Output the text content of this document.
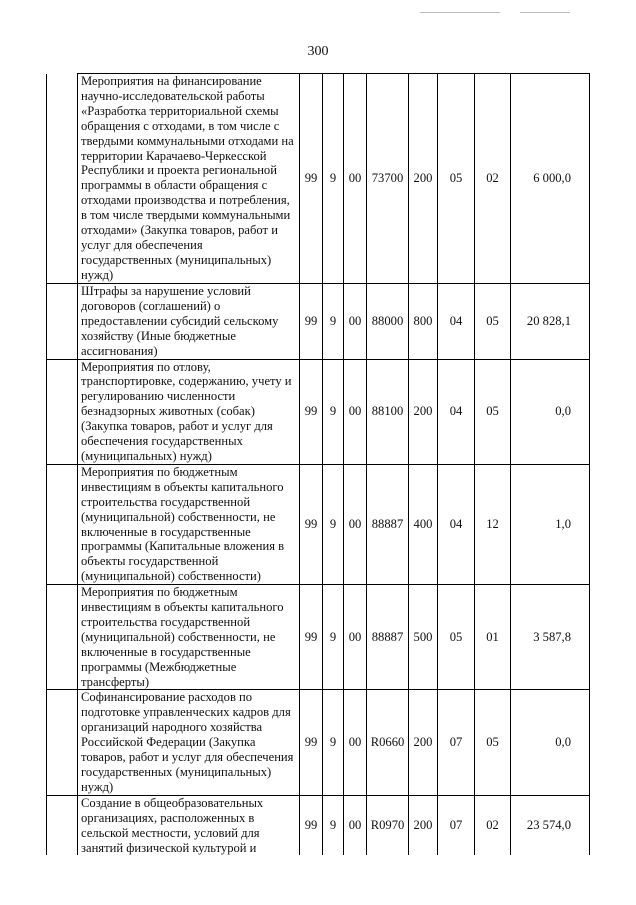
300
	Мероприятия на финансирование научно-исследовательской работы «Разработка территориальной схемы обращения с отходами, в том числе с твердыми коммунальными отходами на территории Карачаево-Черкесской Республики и проекта региональной программы в области обращения с отходами производства и потребления, в том числе твердыми коммунальными отходами» (Закупка товаров, работ и услуг для обеспечения государственных (муниципальных) нужд)	99	9	00	73700	200	05	02	6 000,0
	Штрафы за нарушение условий договоров (соглашений) о предоставлении субсидий сельскому хозяйству (Иные бюджетные ассигнования)	99	9	00	88000	800	04	05	20 828,1
	Мероприятия по отлову, транспортировке, содержанию, учету и регулированию численности безнадзорных животных (собак) (Закупка товаров, работ и услуг для обеспечения государственных (муниципальных) нужд)	99	9	00	88100	200	04	05	0,0
	Мероприятия по бюджетным инвестициям в объекты капитального строительства государственной (муниципальной) собственности, не включенные в государственные программы (Капитальные вложения в объекты государственной (муниципальной) собственности)	99	9	00	88887	400	04	12	1,0
	Мероприятия по бюджетным инвестициям в объекты капитального строительства государственной (муниципальной) собственности, не включенные в государственные программы (Межбюджетные трансферты)	99	9	00	88887	500	05	01	3 587,8
	Софинансирование расходов по подготовке управленческих кадров для организаций народного хозяйства Российской Федерации (Закупка товаров, работ и услуг для обеспечения государственных (муниципальных) нужд)	99	9	00	R0660	200	07	05	0,0
	Создание в общеобразовательных организациях, расположенных в сельской местности, условий для занятий физической культурой и	99	9	00	R0970	200	07	02	23 574,0
